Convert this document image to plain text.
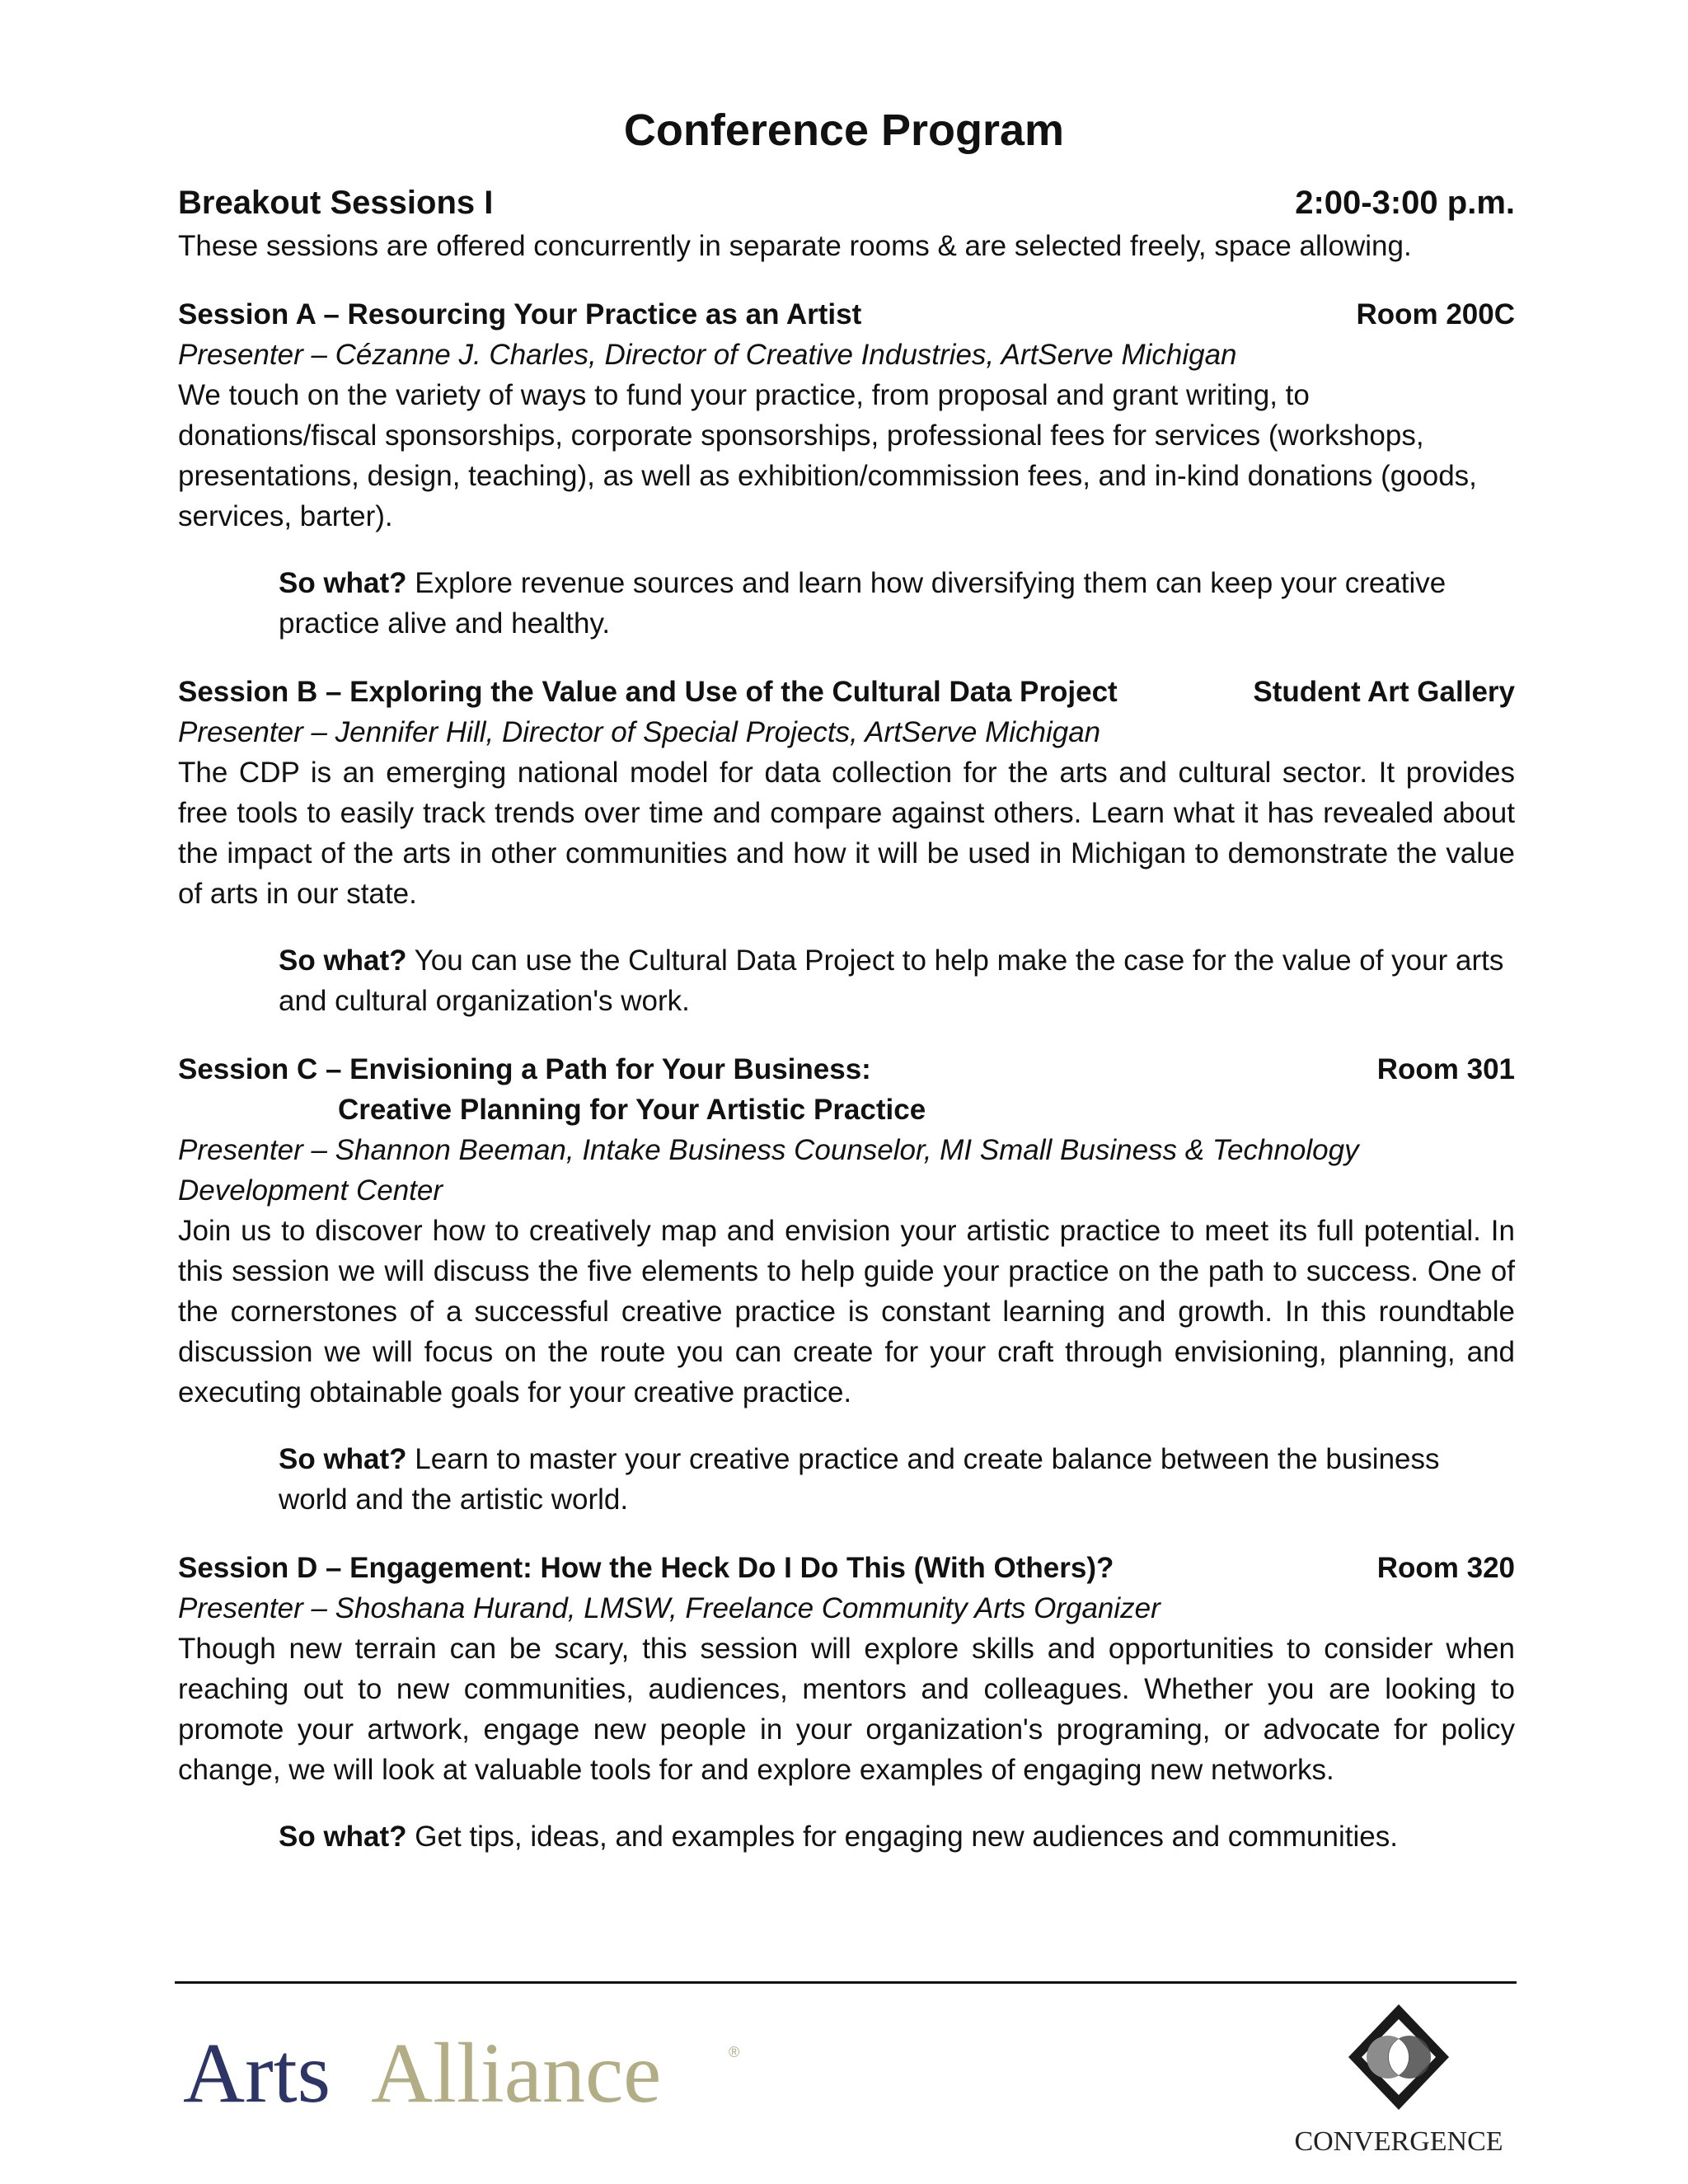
Conference Program
Breakout Sessions I	2:00-3:00 p.m.

These sessions are offered concurrently in separate rooms & are selected freely, space allowing.

Session A – Resourcing Your Practice as an Artist	Room 200C
Presenter – Cézanne J. Charles, Director of Creative Industries, ArtServe Michigan

We touch on the variety of ways to fund your practice, from proposal and grant writing, to donations/fiscal sponsorships, corporate sponsorships, professional fees for services (workshops, presentations, design, teaching), as well as exhibition/commission fees, and in-kind donations (goods, services, barter).

So what? Explore revenue sources and learn how diversifying them can keep your creative practice alive and healthy.

Session B – Exploring the Value and Use of the Cultural Data Project	Student Art Gallery
Presenter – Jennifer Hill, Director of Special Projects, ArtServe Michigan

The CDP is an emerging national model for data collection for the arts and cultural sector. It provides free tools to easily track trends over time and compare against others. Learn what it has revealed about the impact of the arts in other communities and how it will be used in Michigan to demonstrate the value of arts in our state.

So what? You can use the Cultural Data Project to help make the case for the value of your arts and cultural organization's work.

Session C – Envisioning a Path for Your Business:	Room 301
Creative Planning for Your Artistic Practice
Presenter – Shannon Beeman, Intake Business Counselor, MI Small Business & Technology Development Center

Join us to discover how to creatively map and envision your artistic practice to meet its full potential. In this session we will discuss the five elements to help guide your practice on the path to success. One of the cornerstones of a successful creative practice is constant learning and growth. In this roundtable discussion we will focus on the route you can create for your craft through envisioning, planning, and executing obtainable goals for your creative practice.

So what? Learn to master your creative practice and create balance between the business world and the artistic world.

Session D – Engagement: How the Heck Do I Do This (With Others)?	Room 320
Presenter – Shoshana Hurand, LMSW, Freelance Community Arts Organizer

Though new terrain can be scary, this session will explore skills and opportunities to consider when reaching out to new communities, audiences, mentors and colleagues. Whether you are looking to promote your artwork, engage new people in your organization's programing, or advocate for policy change, we will look at valuable tools for and explore examples of engaging new networks.

So what? Get tips, ideas, and examples for engaging new audiences and communities.

Arts Alliance	®
CONVERGENCE
